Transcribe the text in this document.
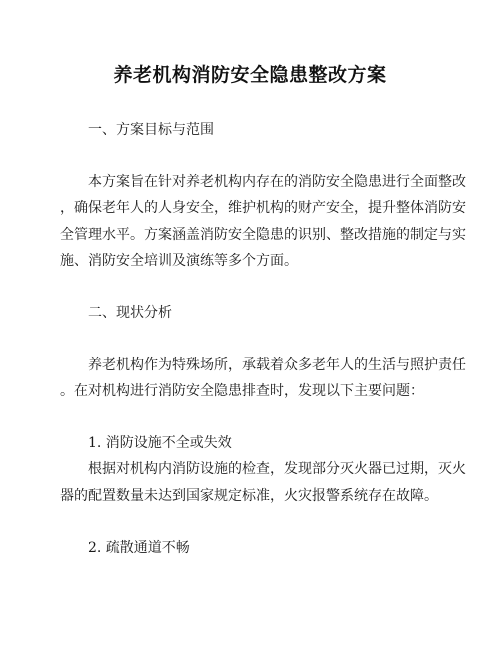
养老机构消防安全隐患整改方案
一、方案目标与范围
本方案旨在针对养老机构内存在的消防安全隐患进行全面整改
，确保老年人的人身安全，维护机构的财产安全，提升整体消防安
全管理水平。方案涵盖消防安全隐患的识别、整改措施的制定与实
施、消防安全培训及演练等多个方面。
二、现状分析
养老机构作为特殊场所，承载着众多老年人的生活与照护责任
。在对机构进行消防安全隐患排查时，发现以下主要问题：
1. 消防设施不全或失效
根据对机构内消防设施的检查，发现部分灭火器已过期，灭火
器的配置数量未达到国家规定标准，火灾报警系统存在故障。
2. 疏散通道不畅
